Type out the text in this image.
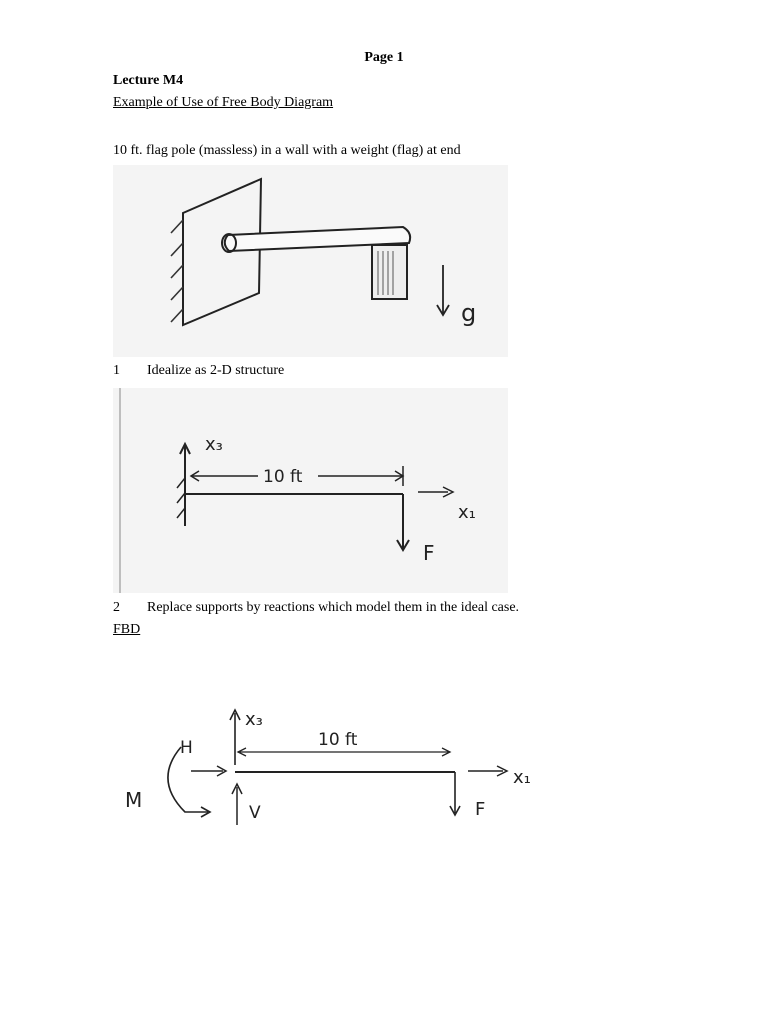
Page 1
Lecture M4
Example of Use of Free Body Diagram
10 ft. flag pole (massless) in a wall with a weight (flag) at end
g
1 Idealize as 2-D structure
x₃
10 ft
x₁
F
2 Replace supports by reactions which model them in the ideal case.
FBD
x₃
10 ft
x₁
F
H
V
M
